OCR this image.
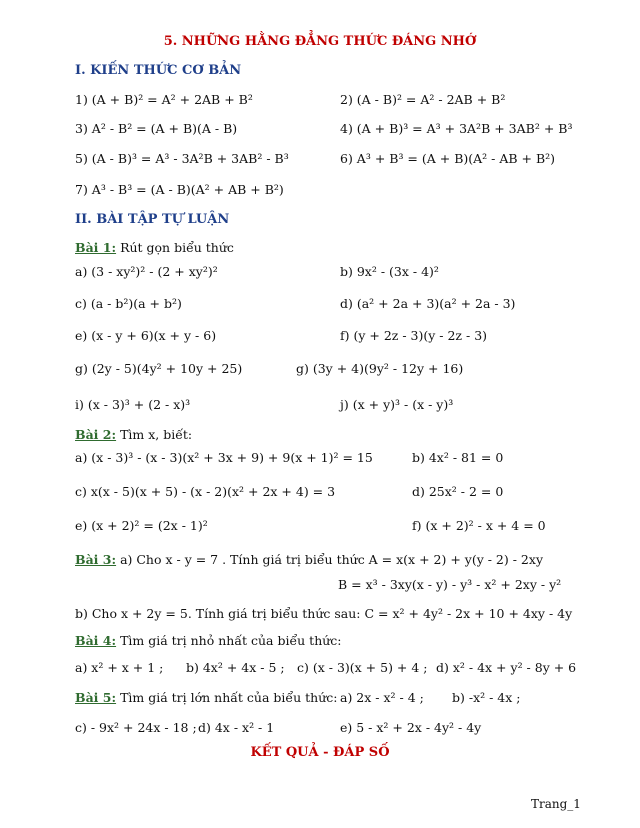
5. NHỮNG HẰNG ĐẲNG THỨC ĐÁNG NHỚ
I. KIẾN THỨC CƠ BẢN
1) (A + B)² = A² + 2AB + B²	2) (A - B)² = A² - 2AB + B²
3) A² - B² = (A + B)(A - B)	4) (A + B)³ = A³ + 3A²B + 3AB² + B³
5) (A - B)³ = A³ - 3A²B + 3AB² - B³	6) A³ + B³ = (A + B)(A² - AB + B²)
7) A³ - B³ = (A - B)(A² + AB + B²)
II. BÀI TẬP TỰ LUẬN
Bài 1: Rút gọn biểu thức
a) (3 - xy²)² - (2 + xy²)²	b) 9x² - (3x - 4)²
c) (a - b²)(a + b²)	d) (a² + 2a + 3)(a² + 2a - 3)
e) (x - y + 6)(x + y - 6)	f) (y + 2z - 3)(y - 2z - 3)
g) (2y - 5)(4y² + 10y + 25)	g) (3y + 4)(9y² - 12y + 16)
i) (x - 3)³ + (2 - x)³	j) (x + y)³ - (x - y)³
Bài 2: Tìm x, biết:
a) (x - 3)³ - (x - 3)(x² + 3x + 9) + 9(x + 1)² = 15	b) 4x² - 81 = 0
c) x(x - 5)(x + 5) - (x - 2)(x² + 2x + 4) = 3	d) 25x² - 2 = 0
e) (x + 2)² = (2x - 1)²	f) (x + 2)² - x + 4 = 0
Bài 3: a) Cho x - y = 7 . Tính giá trị biểu thức A = x(x + 2) + y(y - 2) - 2xy
B = x³ - 3xy(x - y) - y³ - x² + 2xy - y²
b) Cho x + 2y = 5. Tính giá trị biểu thức sau: C = x² + 4y² - 2x + 10 + 4xy - 4y
Bài 4: Tìm giá trị nhỏ nhất của biểu thức:
a) x² + x + 1 ; b) 4x² + 4x - 5 ; c) (x - 3)(x + 5) + 4 ; d) x² - 4x + y² - 8y + 6
Bài 5: Tìm giá trị lớn nhất của biểu thức: a) 2x - x² - 4 ; b) -x² - 4x ;
c) - 9x² + 24x - 18 ; d) 4x - x² - 1	e) 5 - x² + 2x - 4y² - 4y
KẾT QUẢ - ĐÁP SỐ
Trang_1
